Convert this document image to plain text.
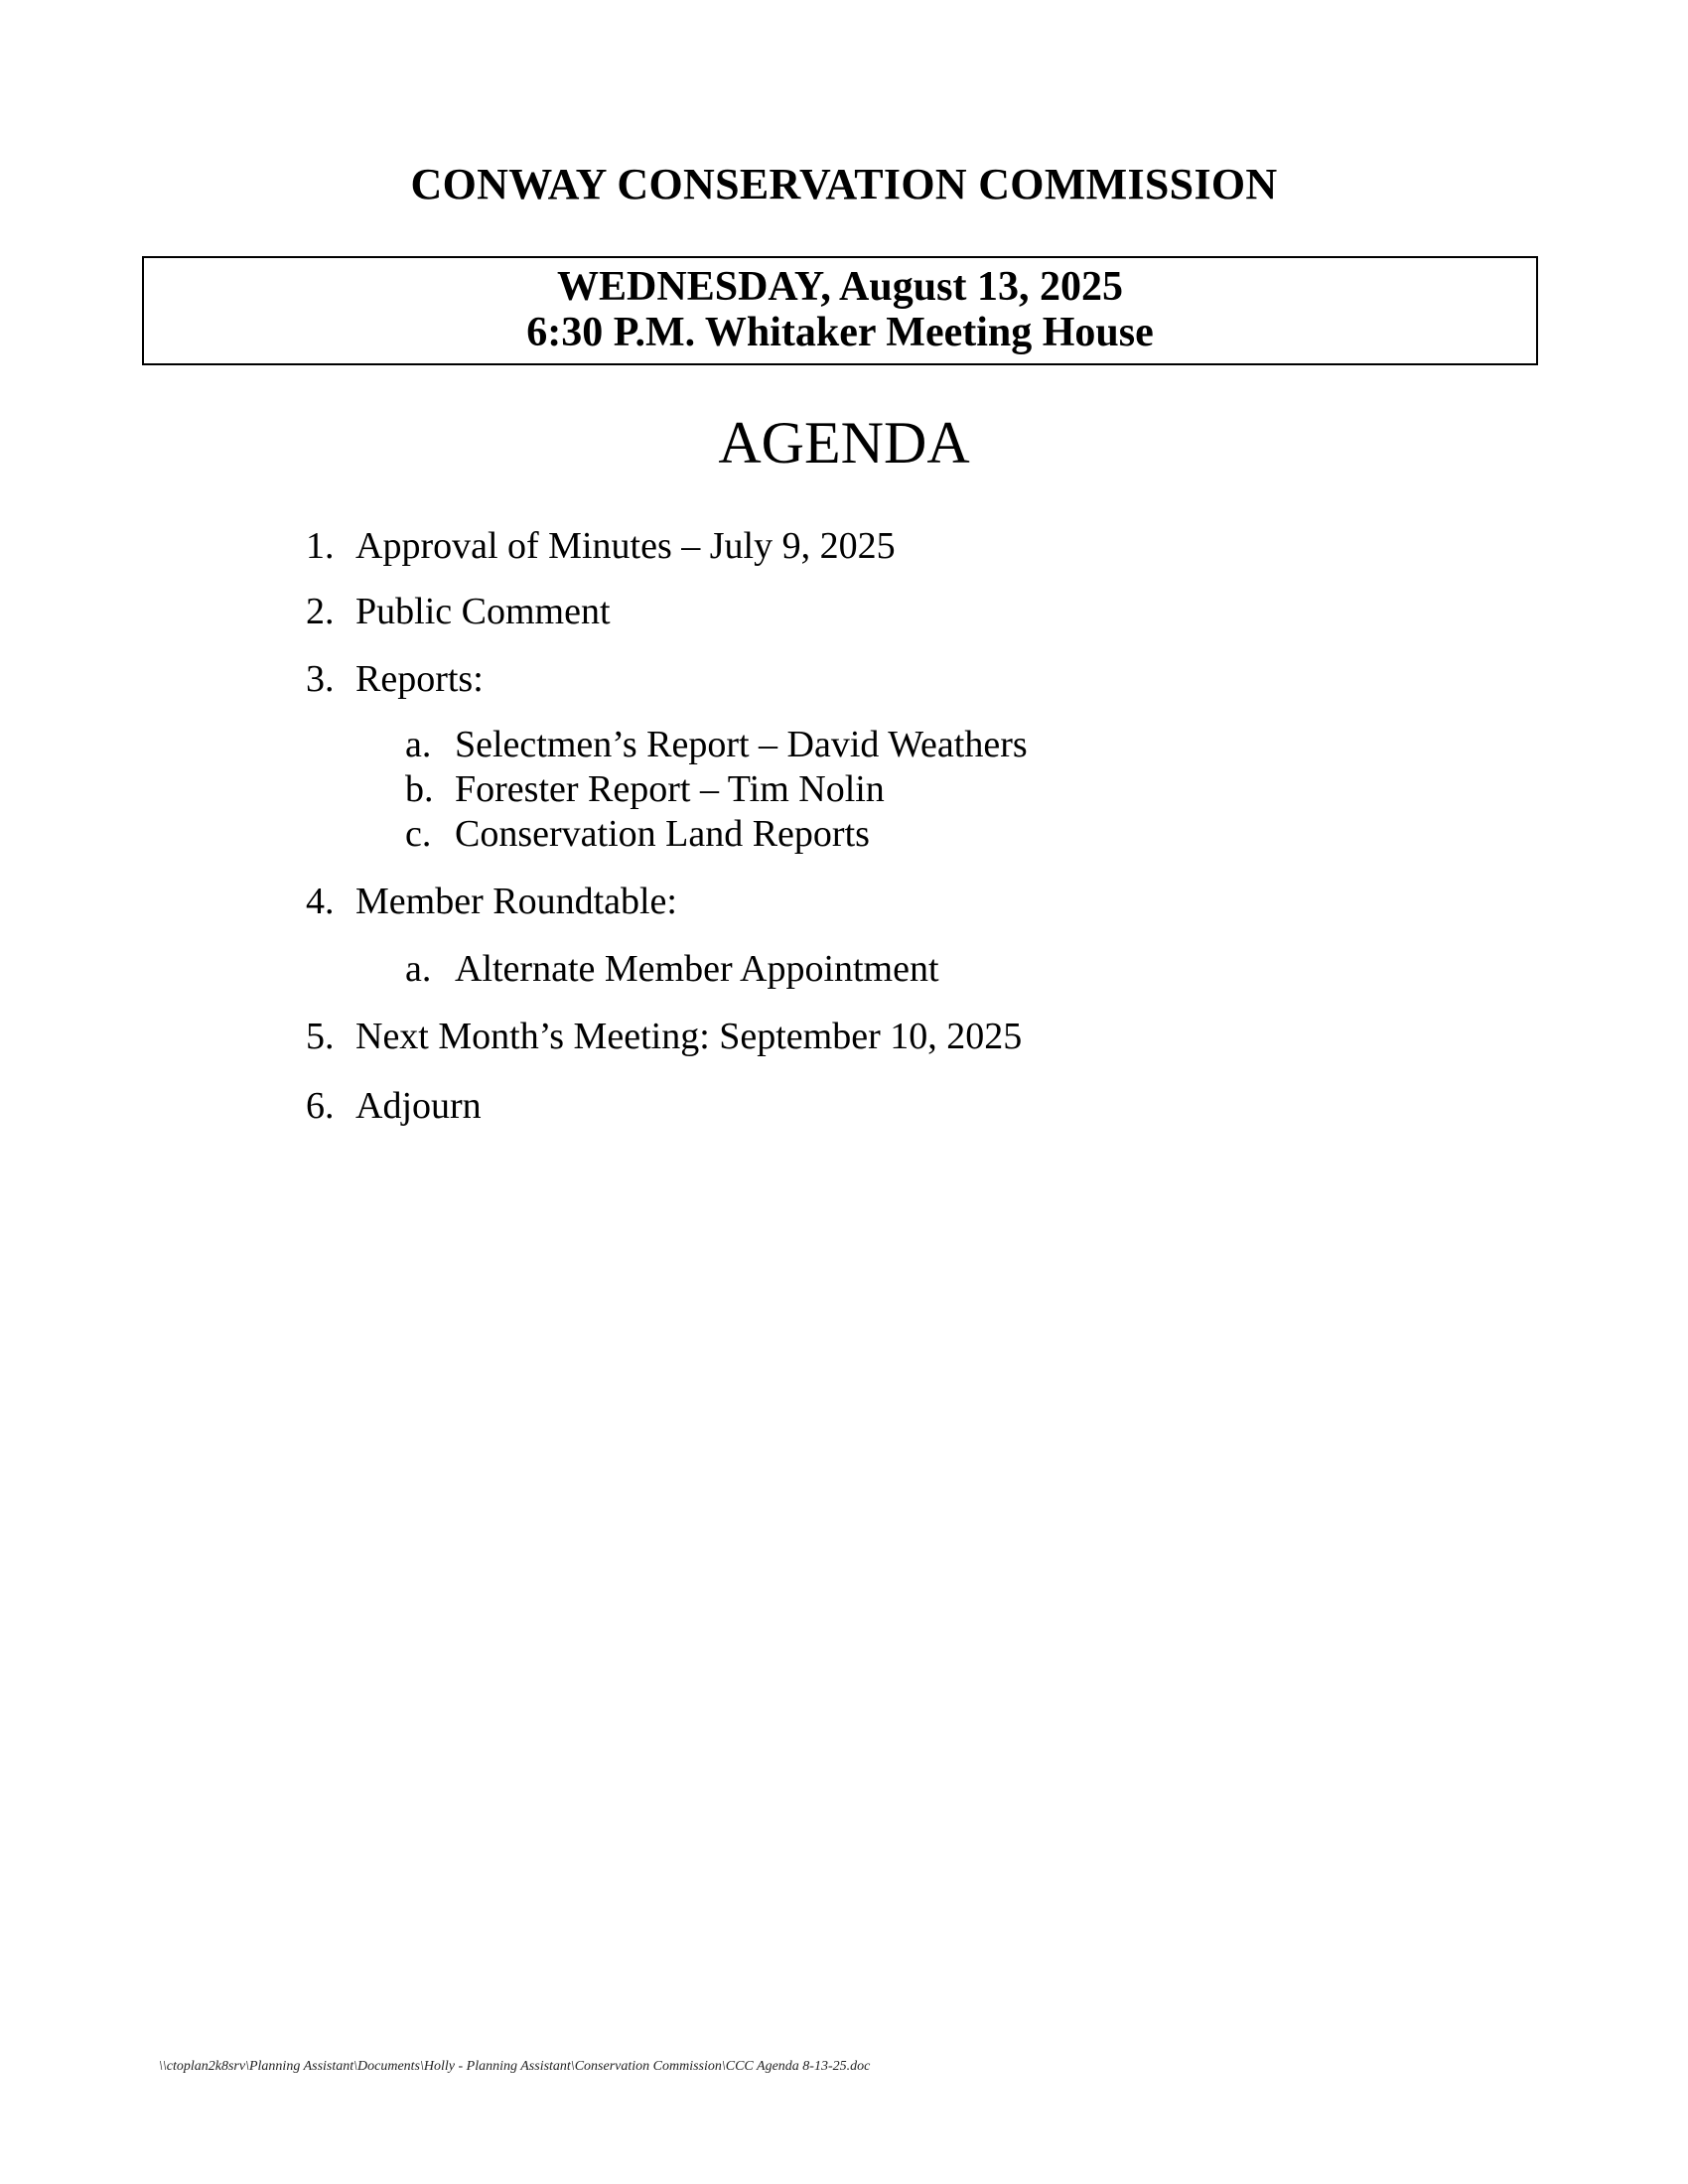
CONWAY CONSERVATION COMMISSION
WEDNESDAY, August 13, 2025
6:30 P.M. Whitaker Meeting House
AGENDA
1. Approval of Minutes – July 9, 2025
2. Public Comment
3. Reports:
a. Selectmen’s Report – David Weathers
b. Forester Report – Tim Nolin
c. Conservation Land Reports
4. Member Roundtable:
a. Alternate Member Appointment
5. Next Month’s Meeting: September 10, 2025
6. Adjourn
\\ctoplan2k8srv\Planning Assistant\Documents\Holly - Planning Assistant\Conservation Commission\CCC Agenda 8-13-25.doc
